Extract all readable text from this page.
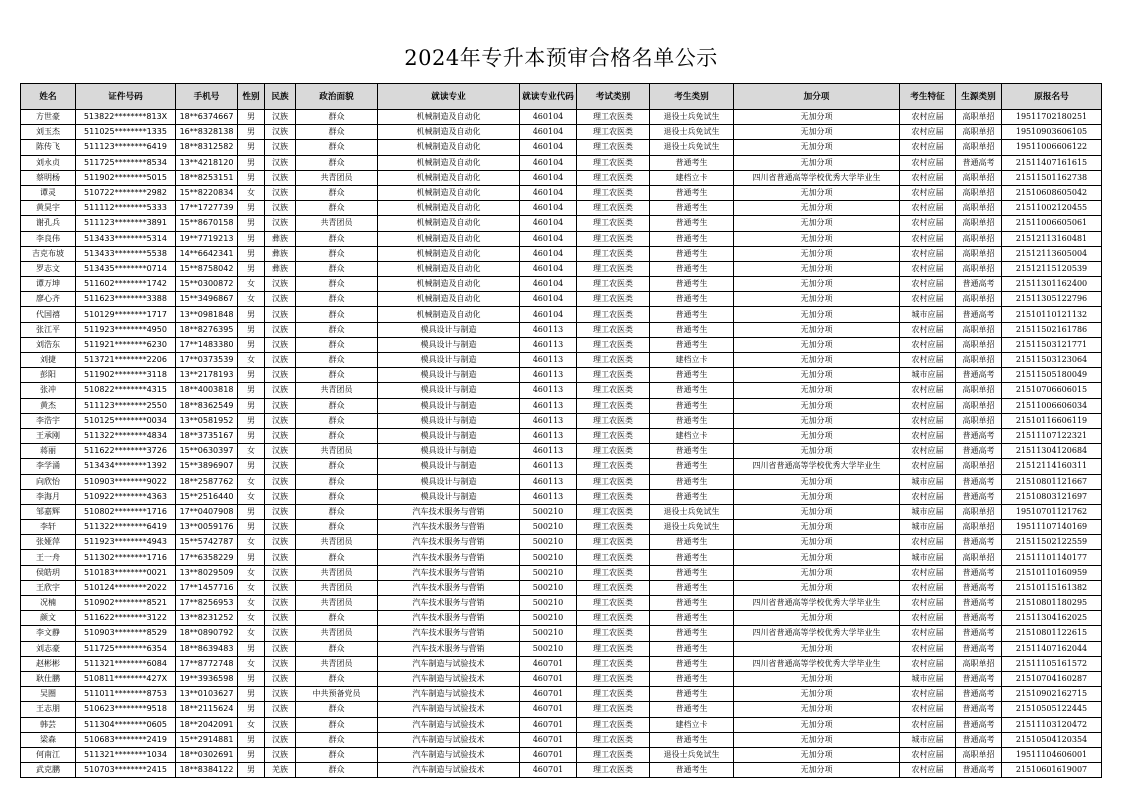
2024年专升本预审合格名单公示
姓名	证件号码	手机号	性别	民族	政治面貌	就读专业	就读专业代码	考试类别	考生类别	加分项	考生特征	生源类别	原报名号
方世豪	513822********813X	18**6374667	男	汉族	群众	机械制造及自动化	460104	理工农医类	退役士兵免试生	无加分项	农村应届	高职单招	19511702180251
刘玉杰	511025********1335	16**8328138	男	汉族	群众	机械制造及自动化	460104	理工农医类	退役士兵免试生	无加分项	农村应届	高职单招	19510903606105
陈传飞	511123********6419	18**8312582	男	汉族	群众	机械制造及自动化	460104	理工农医类	退役士兵免试生	无加分项	农村应届	高职单招	19511006606122
刘永贞	511725********8534	13**4218120	男	汉族	群众	机械制造及自动化	460104	理工农医类	普通考生	无加分项	农村应届	普通高考	21511407161615
蔡明杨	511902********5015	18**8253151	男	汉族	共青团员	机械制造及自动化	460104	理工农医类	建档立卡	四川省普通高等学校优秀大学毕业生	农村应届	高职单招	21511501162738
谭灵	510722********2982	15**8220834	女	汉族	群众	机械制造及自动化	460104	理工农医类	普通考生	无加分项	农村应届	高职单招	21510608605042
黄昊宇	511112********5333	17**1727739	男	汉族	群众	机械制造及自动化	460104	理工农医类	普通考生	无加分项	农村应届	高职单招	21511002120455
谢孔兵	511123********3891	15**8670158	男	汉族	共青团员	机械制造及自动化	460104	理工农医类	普通考生	无加分项	农村应届	高职单招	21511006605061
李良伟	513433********5314	19**7719213	男	彝族	群众	机械制造及自动化	460104	理工农医类	普通考生	无加分项	农村应届	高职单招	21512113160481
吉克布坡	513433********5538	14**6642341	男	彝族	群众	机械制造及自动化	460104	理工农医类	普通考生	无加分项	农村应届	高职单招	21512113605004
罗志文	513435********0714	15**8758042	男	彝族	群众	机械制造及自动化	460104	理工农医类	普通考生	无加分项	农村应届	高职单招	21512115120539
谭万坤	511602********1742	15**0300872	女	汉族	群众	机械制造及自动化	460104	理工农医类	普通考生	无加分项	农村应届	普通高考	21511301162400
廖心齐	511623********3388	15**3496867	女	汉族	群众	机械制造及自动化	460104	理工农医类	普通考生	无加分项	农村应届	高职单招	21511305122796
代国禧	510129********1717	13**0981848	男	汉族	群众	机械制造及自动化	460104	理工农医类	普通考生	无加分项	城市应届	普通高考	21510110121132
张江平	511923********4950	18**8276395	男	汉族	群众	模具设计与制造	460113	理工农医类	普通考生	无加分项	农村应届	高职单招	21511502161786
刘浩东	511921********6230	17**1483380	男	汉族	群众	模具设计与制造	460113	理工农医类	普通考生	无加分项	农村应届	高职单招	21511503121771
刘捷	513721********2206	17**0373539	女	汉族	群众	模具设计与制造	460113	理工农医类	建档立卡	无加分项	农村应届	高职单招	21511503123064
彭阳	511902********3118	13**2178193	男	汉族	群众	模具设计与制造	460113	理工农医类	普通考生	无加分项	城市应届	普通高考	21511505180049
张冲	510822********4315	18**4003818	男	汉族	共青团员	模具设计与制造	460113	理工农医类	普通考生	无加分项	农村应届	高职单招	21510706606015
黄杰	511123********2550	18**8362549	男	汉族	群众	模具设计与制造	460113	理工农医类	普通考生	无加分项	农村应届	高职单招	21511006606034
李浩宇	510125********0034	13**0581952	男	汉族	群众	模具设计与制造	460113	理工农医类	普通考生	无加分项	农村应届	高职单招	21510116606119
王承刚	511322********4834	18**3735167	男	汉族	群众	模具设计与制造	460113	理工农医类	建档立卡	无加分项	农村应届	普通高考	21511107122321
蒋丽	511622********3726	15**0630397	女	汉族	共青团员	模具设计与制造	460113	理工农医类	普通考生	无加分项	农村应届	普通高考	21511304120684
李学涌	513434********1392	15**3896907	男	汉族	群众	模具设计与制造	460113	理工农医类	普通考生	四川省普通高等学校优秀大学毕业生	农村应届	高职单招	21512114160311
向欣怡	510903********9022	18**2587762	女	汉族	群众	模具设计与制造	460113	理工农医类	普通考生	无加分项	城市应届	普通高考	21510801121667
李海月	510922********4363	15**2516440	女	汉族	群众	模具设计与制造	460113	理工农医类	普通考生	无加分项	农村应届	普通高考	21510803121697
邹嘉辉	510802********1716	17**0407908	男	汉族	群众	汽车技术服务与营销	500210	理工农医类	退役士兵免试生	无加分项	城市应届	高职单招	19510701121762
李轩	511322********6419	13**0059176	男	汉族	群众	汽车技术服务与营销	500210	理工农医类	退役士兵免试生	无加分项	城市应届	高职单招	19511107140169
张娅萍	511923********4943	15**5742787	女	汉族	共青团员	汽车技术服务与营销	500210	理工农医类	普通考生	无加分项	农村应届	普通高考	21511502122559
王一舟	511302********1716	17**6358229	男	汉族	群众	汽车技术服务与营销	500210	理工农医类	普通考生	无加分项	城市应届	高职单招	21511101140177
侯皓玥	510183********0021	13**8029509	女	汉族	共青团员	汽车技术服务与营销	500210	理工农医类	普通考生	无加分项	农村应届	普通高考	21510110160959
王欣宇	510124********2022	17**1457716	女	汉族	共青团员	汽车技术服务与营销	500210	理工农医类	普通考生	无加分项	农村应届	普通高考	21510115161382
况楠	510902********8521	17**8256953	女	汉族	共青团员	汽车技术服务与营销	500210	理工农医类	普通考生	四川省普通高等学校优秀大学毕业生	农村应届	普通高考	21510801180295
颜文	511622********3122	13**8231252	女	汉族	群众	汽车技术服务与营销	500210	理工农医类	普通考生	无加分项	农村应届	普通高考	21511304162025
李文静	510903********8529	18**0890792	女	汉族	共青团员	汽车技术服务与营销	500210	理工农医类	普通考生	四川省普通高等学校优秀大学毕业生	农村应届	普通高考	21510801122615
刘志豪	511725********6354	18**8639483	男	汉族	群众	汽车技术服务与营销	500210	理工农医类	普通考生	无加分项	农村应届	普通高考	21511407162044
赵彬彬	511321********6084	17**8772748	女	汉族	共青团员	汽车制造与试验技术	460701	理工农医类	普通考生	四川省普通高等学校优秀大学毕业生	农村应届	高职单招	21511105161572
耿仕鹏	510811********427X	19**3936598	男	汉族	群众	汽车制造与试验技术	460701	理工农医类	普通考生	无加分项	城市应届	普通高考	21510704160287
吴圈	511011********8753	13**0103627	男	汉族	中共预备党员	汽车制造与试验技术	460701	理工农医类	普通考生	无加分项	农村应届	普通高考	21510902162715
王志朋	510623********9518	18**2115624	男	汉族	群众	汽车制造与试验技术	460701	理工农医类	普通考生	无加分项	农村应届	普通高考	21510505122445
韩芸	511304********0605	18**2042091	女	汉族	群众	汽车制造与试验技术	460701	理工农医类	建档立卡	无加分项	农村应届	普通高考	21511103120472
梁森	510683********2419	15**2914881	男	汉族	群众	汽车制造与试验技术	460701	理工农医类	普通考生	无加分项	城市应届	普通高考	21510504120354
何南江	511321********1034	18**0302691	男	汉族	群众	汽车制造与试验技术	460701	理工农医类	退役士兵免试生	无加分项	农村应届	高职单招	19511104606001
武克鹏	510703********2415	18**8384122	男	羌族	群众	汽车制造与试验技术	460701	理工农医类	普通考生	无加分项	农村应届	普通高考	21510601619007
